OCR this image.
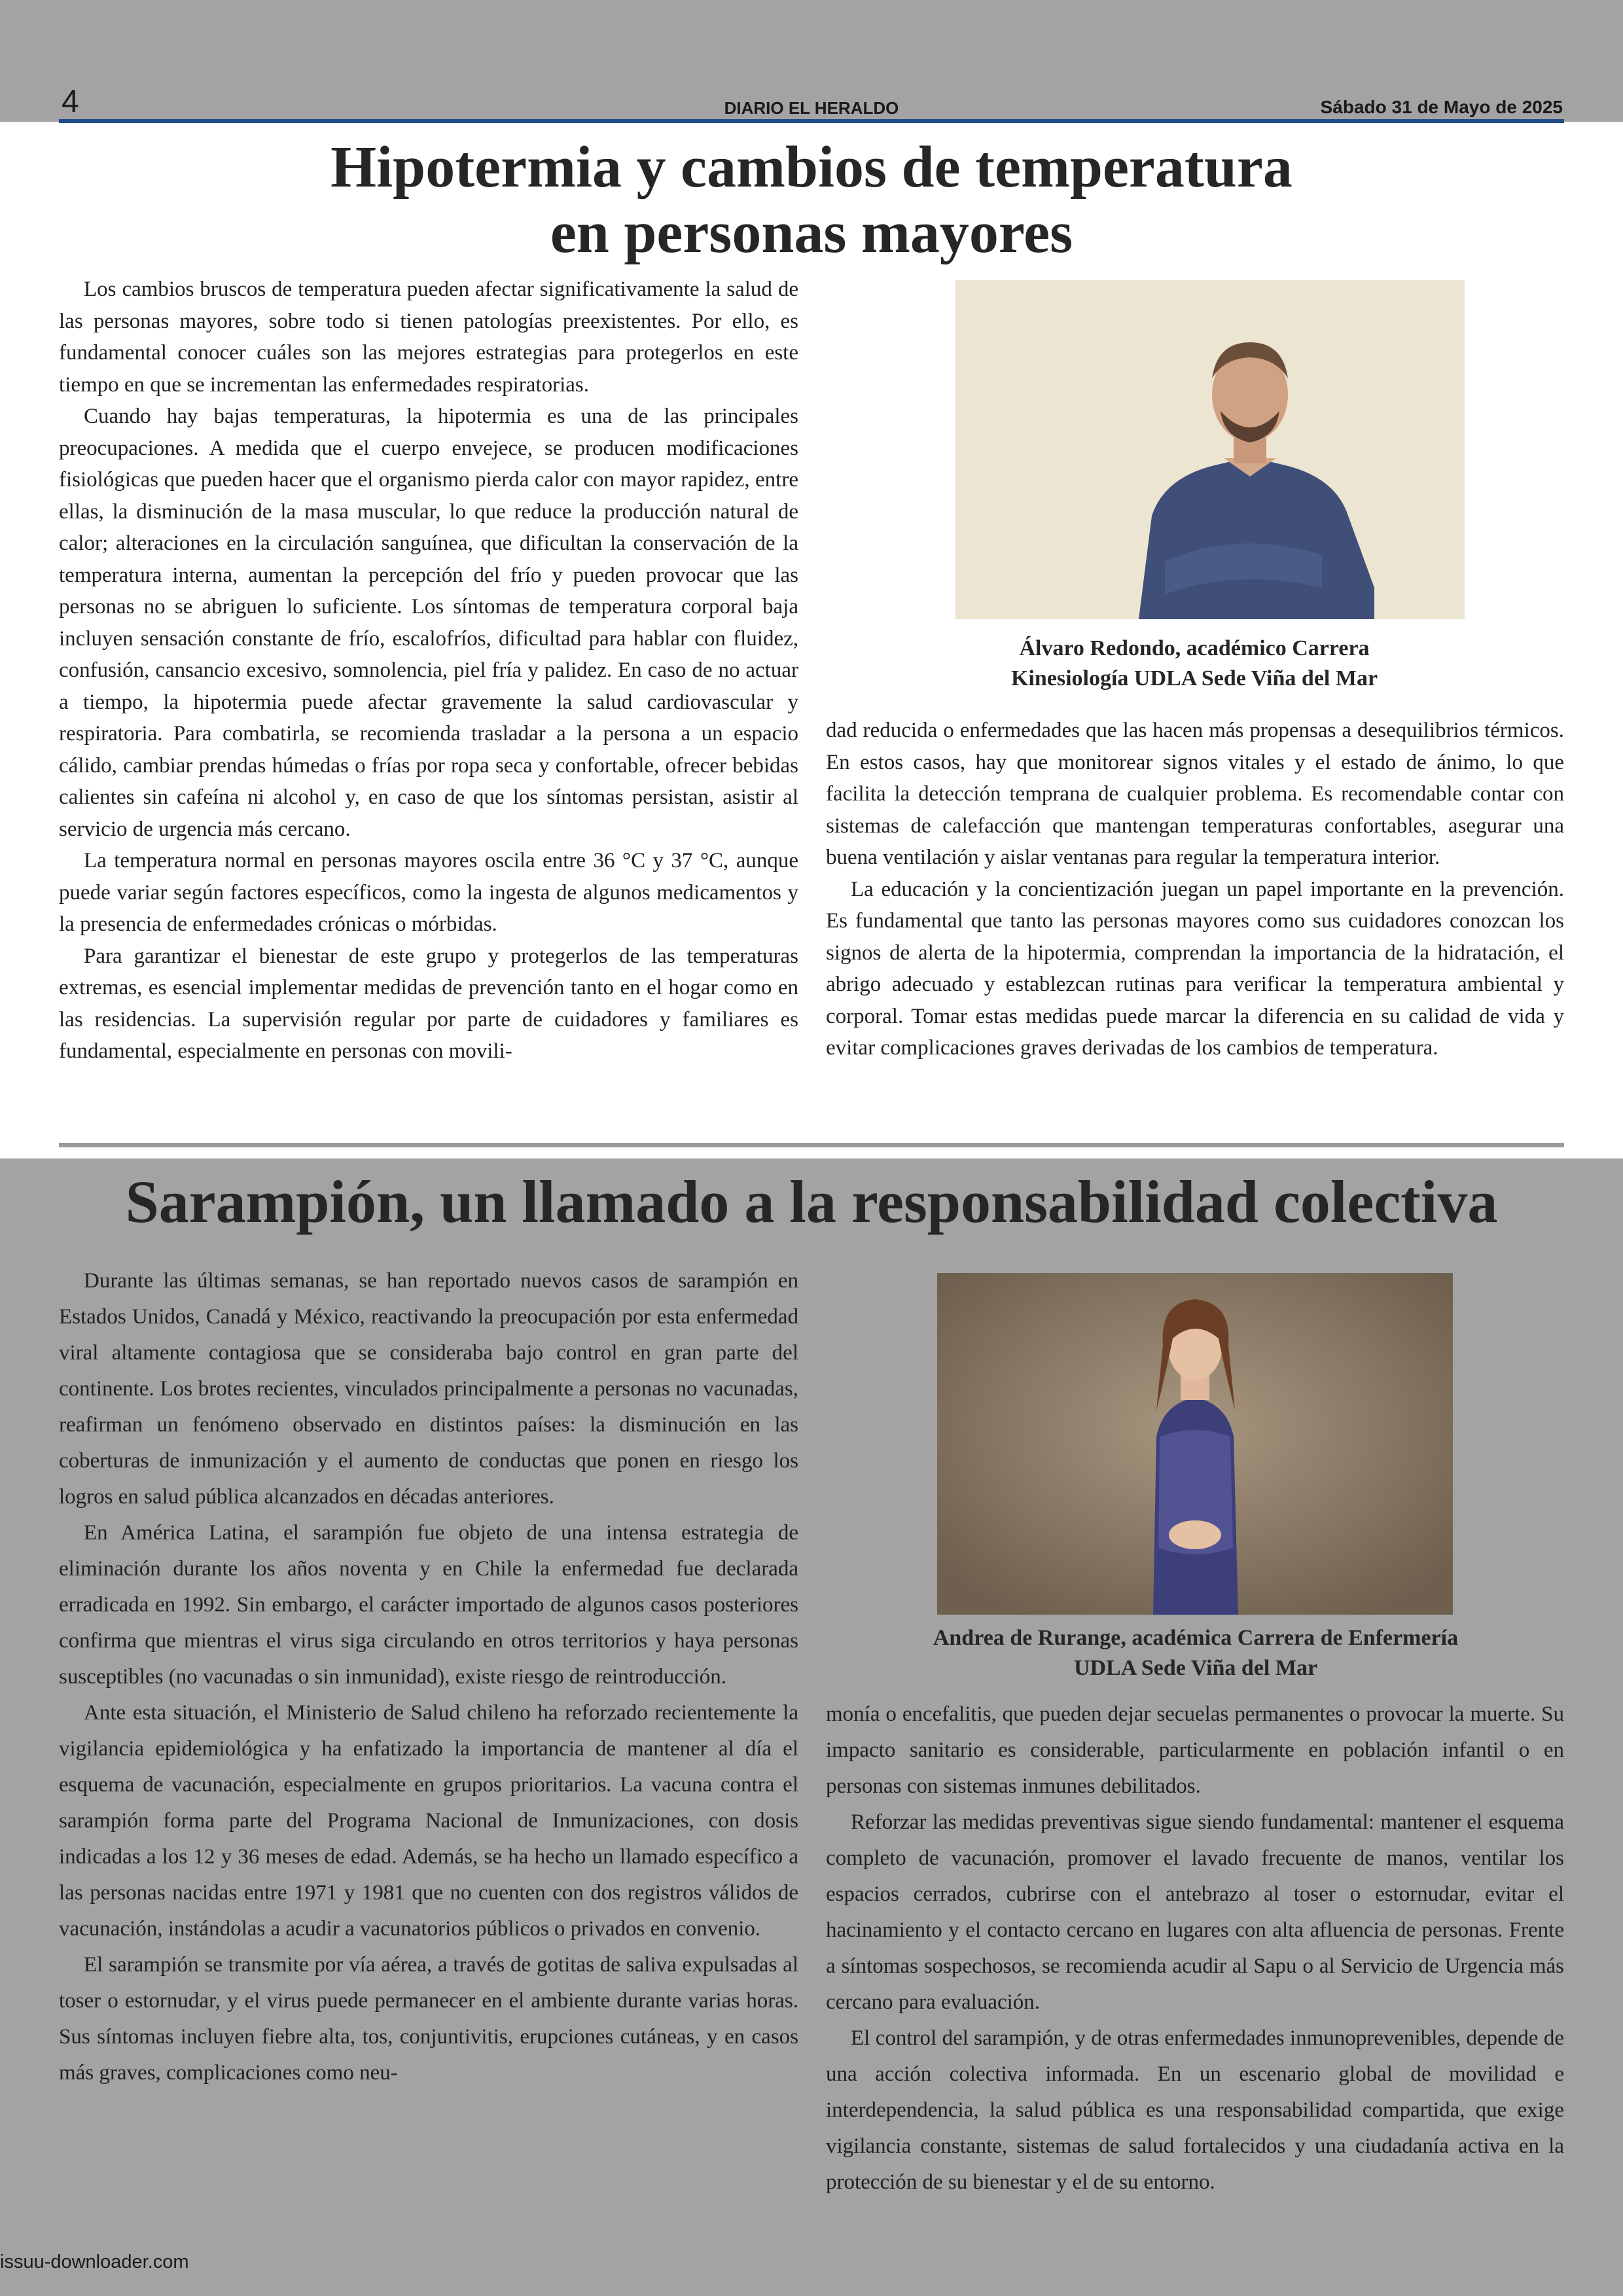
4	DIARIO EL HERALDO	Sábado 31 de Mayo de 2025
Hipotermia y cambios de temperatura
en personas mayores

Los cambios bruscos de temperatura pueden afectar significativamente la salud de las personas mayores, sobre todo si tienen patologías preexistentes. Por ello, es fundamental conocer cuáles son las mejores estrategias para protegerlos en este tiempo en que se incrementan las enfermedades respiratorias.

Cuando hay bajas temperaturas, la hipotermia es una de las principales preocupaciones. A medida que el cuerpo envejece, se producen modificaciones fisiológicas que pueden hacer que el organismo pierda calor con mayor rapidez, entre ellas, la disminución de la masa muscular, lo que reduce la producción natural de calor; alteraciones en la circulación sanguínea, que dificultan la conservación de la temperatura interna, aumentan la percepción del frío y pueden provocar que las personas no se abriguen lo suficiente. Los síntomas de temperatura corporal baja incluyen sensación constante de frío, escalofríos, dificultad para hablar con fluidez, confusión, cansancio excesivo, somnolencia, piel fría y palidez. En caso de no actuar a tiempo, la hipotermia puede afectar gravemente la salud cardiovascular y respiratoria. Para combatirla, se recomienda trasladar a la persona a un espacio cálido, cambiar prendas húmedas o frías por ropa seca y confortable, ofrecer bebidas calientes sin cafeína ni alcohol y, en caso de que los síntomas persistan, asistir al servicio de urgencia más cercano.

La temperatura normal en personas mayores oscila entre 36 °C y 37 °C, aunque puede variar según factores específicos, como la ingesta de algunos medicamentos y la presencia de enfermedades crónicas o mórbidas.

Para garantizar el bienestar de este grupo y protegerlos de las temperaturas extremas, es esencial implementar medidas de prevención tanto en el hogar como en las residencias. La supervisión regular por parte de cuidadores y familiares es fundamental, especialmente en personas con movili-

Álvaro Redondo, académico Carrera
Kinesiología UDLA Sede Viña del Mar

dad reducida o enfermedades que las hacen más propensas a desequilibrios térmicos. En estos casos, hay que monitorear signos vitales y el estado de ánimo, lo que facilita la detección temprana de cualquier problema. Es recomendable contar con sistemas de calefacción que mantengan temperaturas confortables, asegurar una buena ventilación y aislar ventanas para regular la temperatura interior.

La educación y la concientización juegan un papel importante en la prevención. Es fundamental que tanto las personas mayores como sus cuidadores conozcan los signos de alerta de la hipotermia, comprendan la importancia de la hidratación, el abrigo adecuado y establezcan rutinas para verificar la temperatura ambiental y corporal. Tomar estas medidas puede marcar la diferencia en su calidad de vida y evitar complicaciones graves derivadas de los cambios de temperatura.

Sarampión, un llamado a la responsabilidad colectiva

Durante las últimas semanas, se han reportado nuevos casos de sarampión en Estados Unidos, Canadá y México, reactivando la preocupación por esta enfermedad viral altamente contagiosa que se consideraba bajo control en gran parte del continente. Los brotes recientes, vinculados principalmente a personas no vacunadas, reafirman un fenómeno observado en distintos países: la disminución en las coberturas de inmunización y el aumento de conductas que ponen en riesgo los logros en salud pública alcanzados en décadas anteriores.

En América Latina, el sarampión fue objeto de una intensa estrategia de eliminación durante los años noventa y en Chile la enfermedad fue declarada erradicada en 1992. Sin embargo, el carácter importado de algunos casos posteriores confirma que mientras el virus siga circulando en otros territorios y haya personas susceptibles (no vacunadas o sin inmunidad), existe riesgo de reintroducción.

Ante esta situación, el Ministerio de Salud chileno ha reforzado recientemente la vigilancia epidemiológica y ha enfatizado la importancia de mantener al día el esquema de vacunación, especialmente en grupos prioritarios. La vacuna contra el sarampión forma parte del Programa Nacional de Inmunizaciones, con dosis indicadas a los 12 y 36 meses de edad. Además, se ha hecho un llamado específico a las personas nacidas entre 1971 y 1981 que no cuenten con dos registros válidos de vacunación, instándolas a acudir a vacunatorios públicos o privados en convenio.

El sarampión se transmite por vía aérea, a través de gotitas de saliva expulsadas al toser o estornudar, y el virus puede permanecer en el ambiente durante varias horas. Sus síntomas incluyen fiebre alta, tos, conjuntivitis, erupciones cutáneas, y en casos más graves, complicaciones como neu-

Andrea de Rurange, académica Carrera de Enfermería
UDLA Sede Viña del Mar

monía o encefalitis, que pueden dejar secuelas permanentes o provocar la muerte. Su impacto sanitario es considerable, particularmente en población infantil o en personas con sistemas inmunes debilitados.

Reforzar las medidas preventivas sigue siendo fundamental: mantener el esquema completo de vacunación, promover el lavado frecuente de manos, ventilar los espacios cerrados, cubrirse con el antebrazo al toser o estornudar, evitar el hacinamiento y el contacto cercano en lugares con alta afluencia de personas. Frente a síntomas sospechosos, se recomienda acudir al Sapu o al Servicio de Urgencia más cercano para evaluación.

El control del sarampión, y de otras enfermedades inmunoprevenibles, depende de una acción colectiva informada. En un escenario global de movilidad e interdependencia, la salud pública es una responsabilidad compartida, que exige vigilancia constante, sistemas de salud fortalecidos y una ciudadanía activa en la protección de su bienestar y el de su entorno.

issuu-downloader.com
